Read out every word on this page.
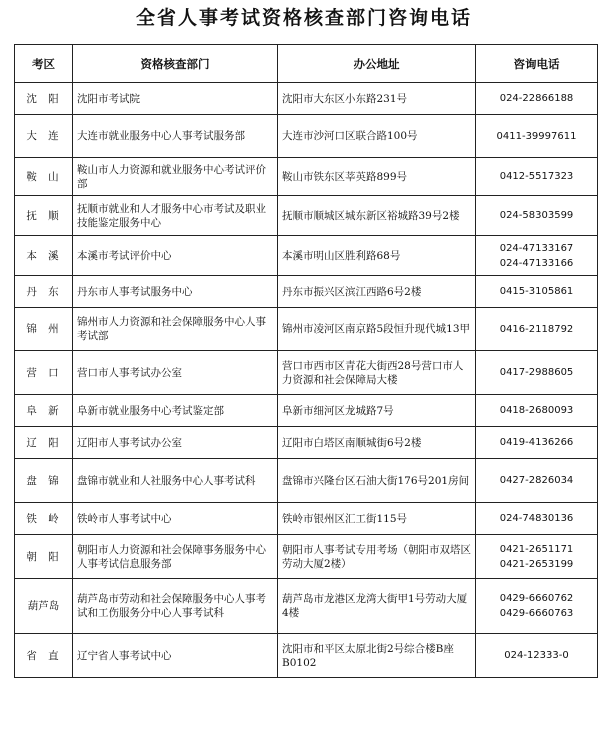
全省人事考试资格核查部门咨询电话
考区	资格核查部门	办公地址	咨询电话
沈 阳	沈阳市考试院	沈阳市大东区小东路231号	024-22866188

大 连	大连市就业服务中心人事考试服务部	大连市沙河口区联合路100号	0411-39997611

鞍 山	鞍山市人力资源和就业服务中心考试评价部	鞍山市铁东区莘英路899号	0412-5517323

抚 顺	抚顺市就业和人才服务中心市考试及职业技能鉴定服务中心	抚顺市顺城区城东新区裕城路39号2楼	024-58303599

本 溪	本溪市考试评价中心	本溪市明山区胜利路68号	024-47133167
024-47133166

丹 东	丹东市人事考试服务中心	丹东市振兴区滨江西路6号2楼	0415-3105861

锦 州	锦州市人力资源和社会保障服务中心人事考试部	锦州市凌河区南京路5段恒升现代城13甲	0416-2118792

营 口	营口市人事考试办公室	营口市西市区青花大街西28号营口市人力资源和社会保障局大楼	0417-2988605

阜 新	阜新市就业服务中心考试鉴定部	阜新市细河区龙城路7号	0418-2680093

辽 阳	辽阳市人事考试办公室	辽阳市白塔区南顺城街6号2楼	0419-4136266

盘 锦	盘锦市就业和人社服务中心人事考试科	盘锦市兴隆台区石油大街176号201房间	0427-2826034

铁 岭	铁岭市人事考试中心	铁岭市银州区汇工街115号	024-74830136

朝 阳	朝阳市人力资源和社会保障事务服务中心人事考试信息服务部	朝阳市人事考试专用考场（朝阳市双塔区劳动大厦2楼）	0421-2651171
0421-2653199

葫芦岛	葫芦岛市劳动和社会保障服务中心人事考试和工伤服务分中心人事考试科	葫芦岛市龙港区龙湾大街甲1号劳动大厦4楼	0429-6660762
0429-6660763

省 直	辽宁省人事考试中心	沈阳市和平区太原北街2号综合楼B座B0102	024-12333-0
